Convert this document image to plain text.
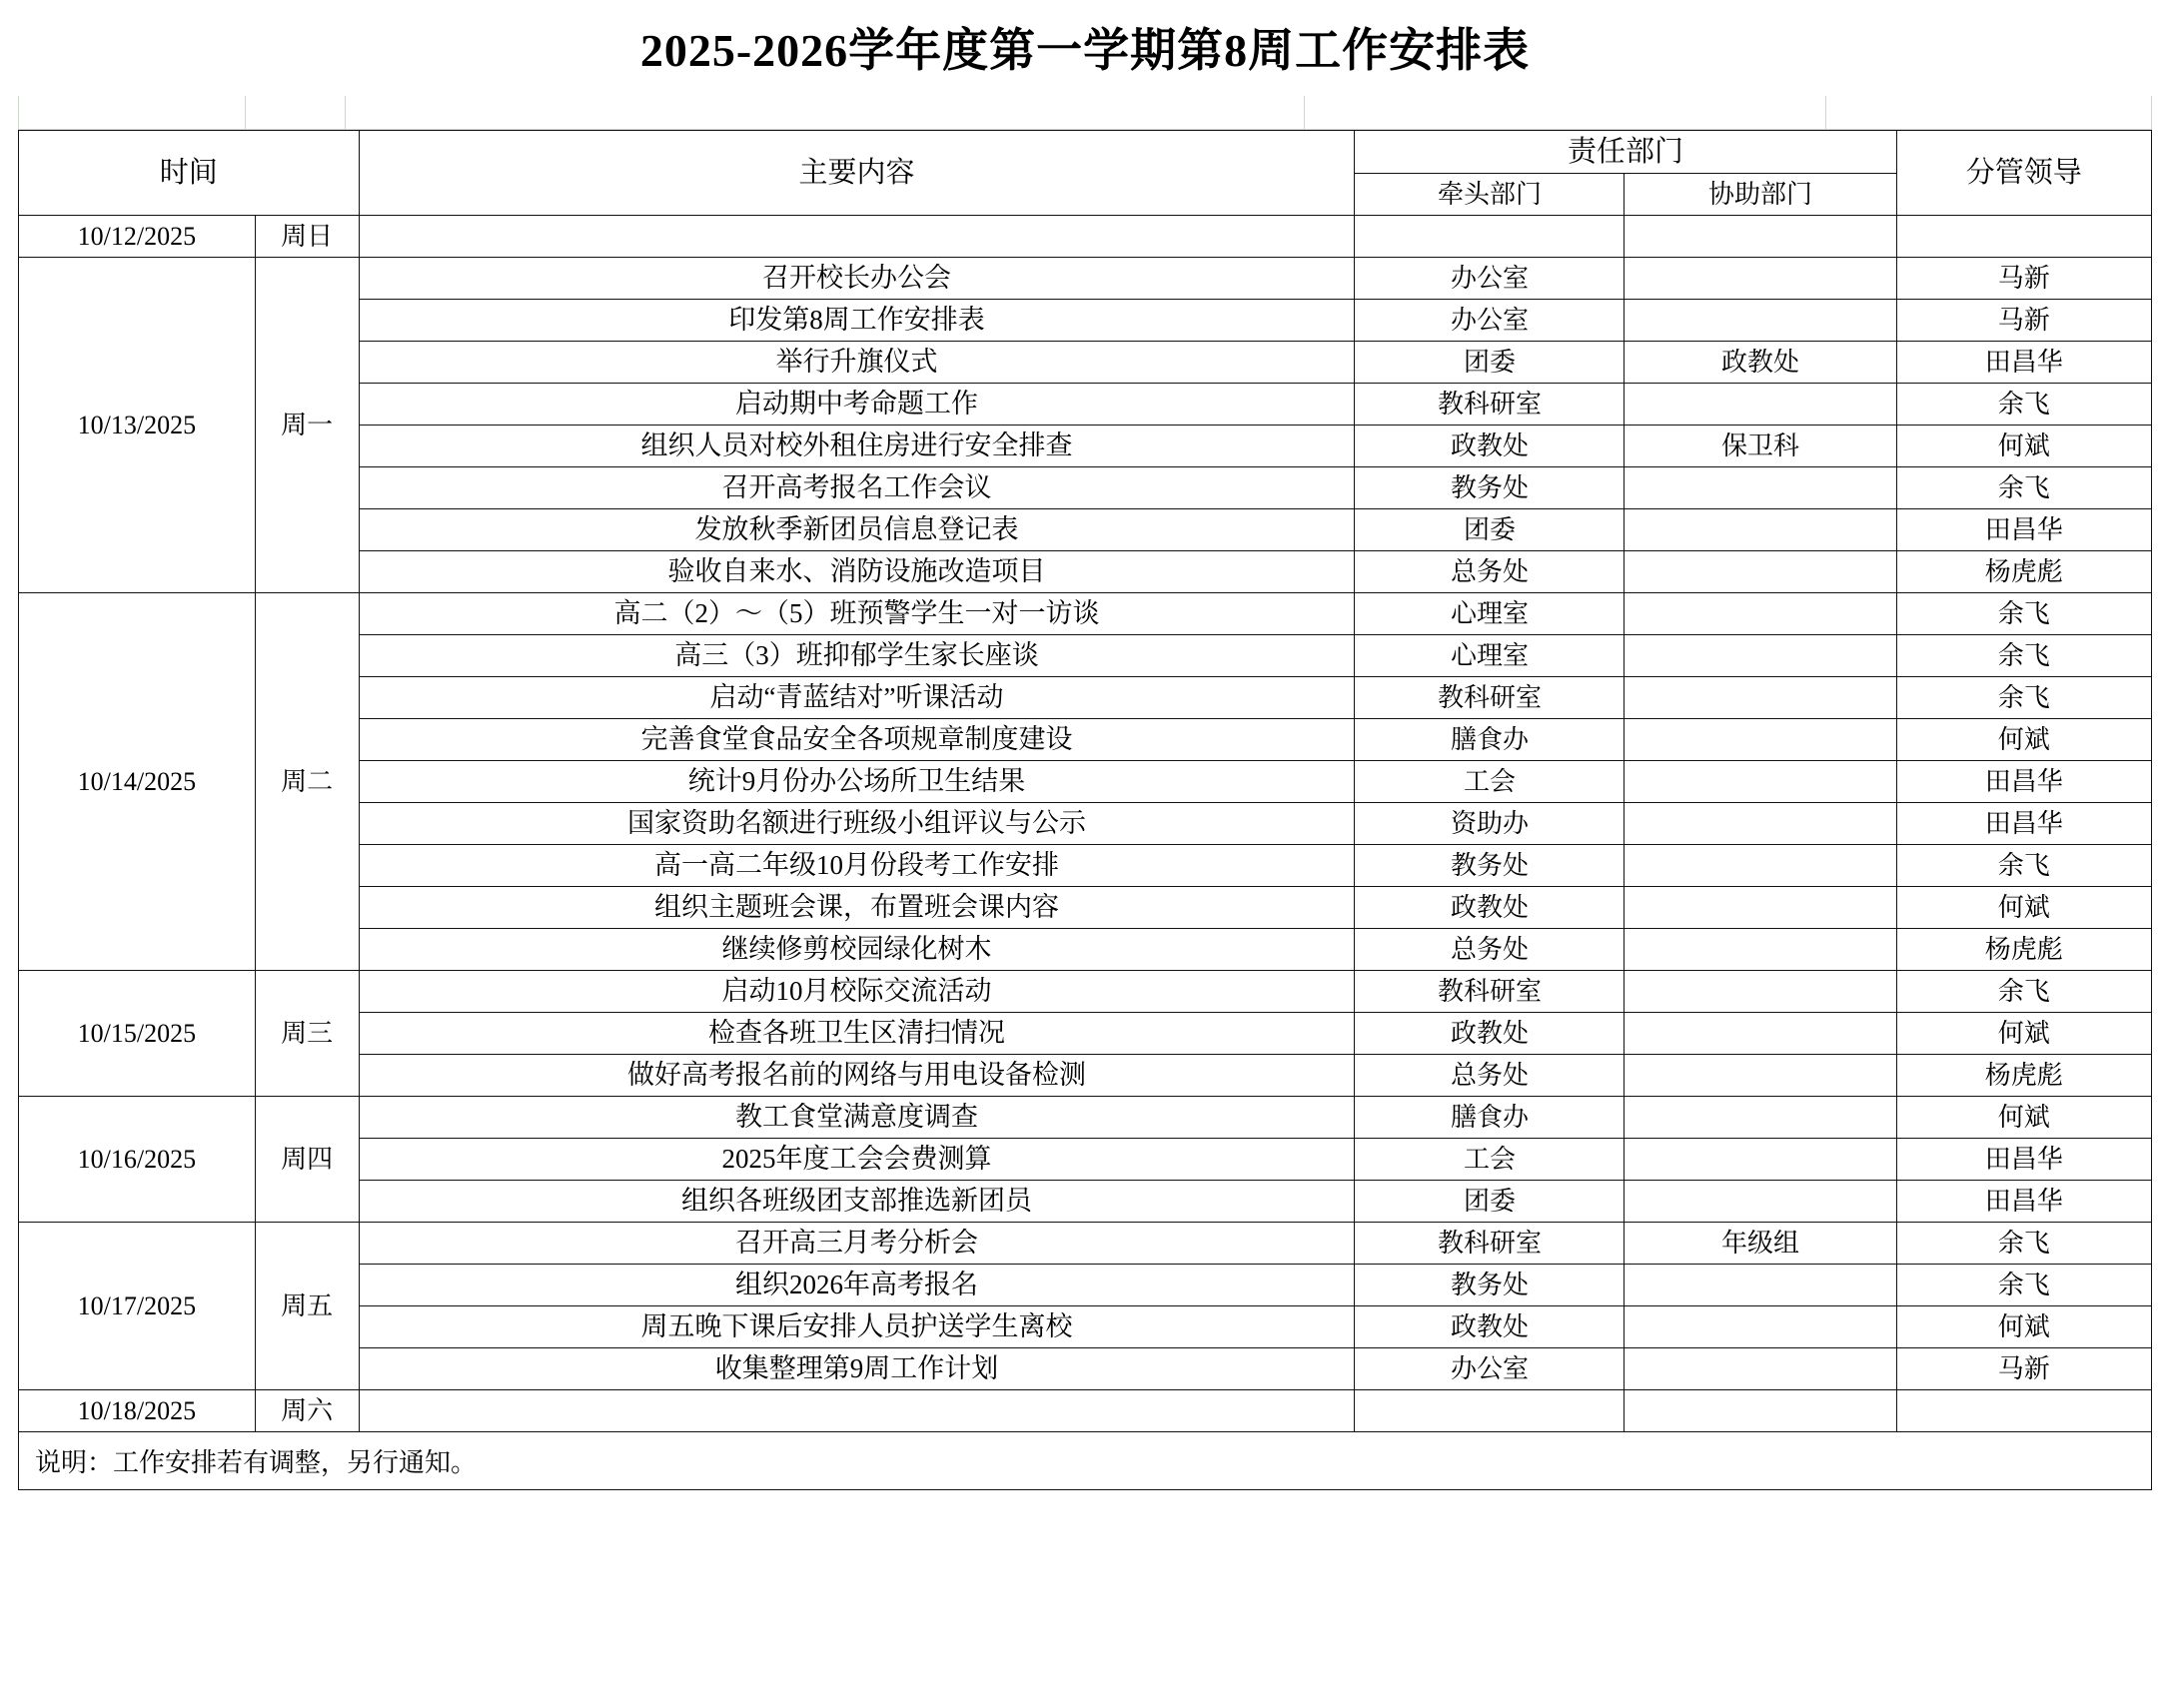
2025-2026学年度第一学期第8周工作安排表
时间		主要内容	责任部门		分管领导
			牵头部门	协助部门	
10/12/2025	周日				
10/13/2025	周一	召开校长办公会	办公室		马新
		印发第8周工作安排表	办公室		马新
		举行升旗仪式	团委	政教处	田昌华
		启动期中考命题工作	教科研室		余飞
		组织人员对校外租住房进行安全排查	政教处	保卫科	何斌
		召开高考报名工作会议	教务处		余飞
		发放秋季新团员信息登记表	团委		田昌华
		验收自来水、消防设施改造项目	总务处		杨虎彪
10/14/2025	周二	高二（2）～（5）班预警学生一对一访谈	心理室		余飞
		高三（3）班抑郁学生家长座谈	心理室		余飞
		启动“青蓝结对”听课活动	教科研室		余飞
		完善食堂食品安全各项规章制度建设	膳食办		何斌
		统计9月份办公场所卫生结果	工会		田昌华
		国家资助名额进行班级小组评议与公示	资助办		田昌华
		高一高二年级10月份段考工作安排	教务处		余飞
		组织主题班会课，布置班会课内容	政教处		何斌
		继续修剪校园绿化树木	总务处		杨虎彪
10/15/2025	周三	启动10月校际交流活动	教科研室		余飞
		检查各班卫生区清扫情况	政教处		何斌
		做好高考报名前的网络与用电设备检测	总务处		杨虎彪
10/16/2025	周四	教工食堂满意度调查	膳食办		何斌
		2025年度工会会费测算	工会		田昌华
		组织各班级团支部推选新团员	团委		田昌华
10/17/2025	周五	召开高三月考分析会	教科研室	年级组	余飞
		组织2026年高考报名	教务处		余飞
		周五晚下课后安排人员护送学生离校	政教处		何斌
		收集整理第9周工作计划	办公室		马新
10/18/2025	周六				
说明：工作安排若有调整，另行通知。
